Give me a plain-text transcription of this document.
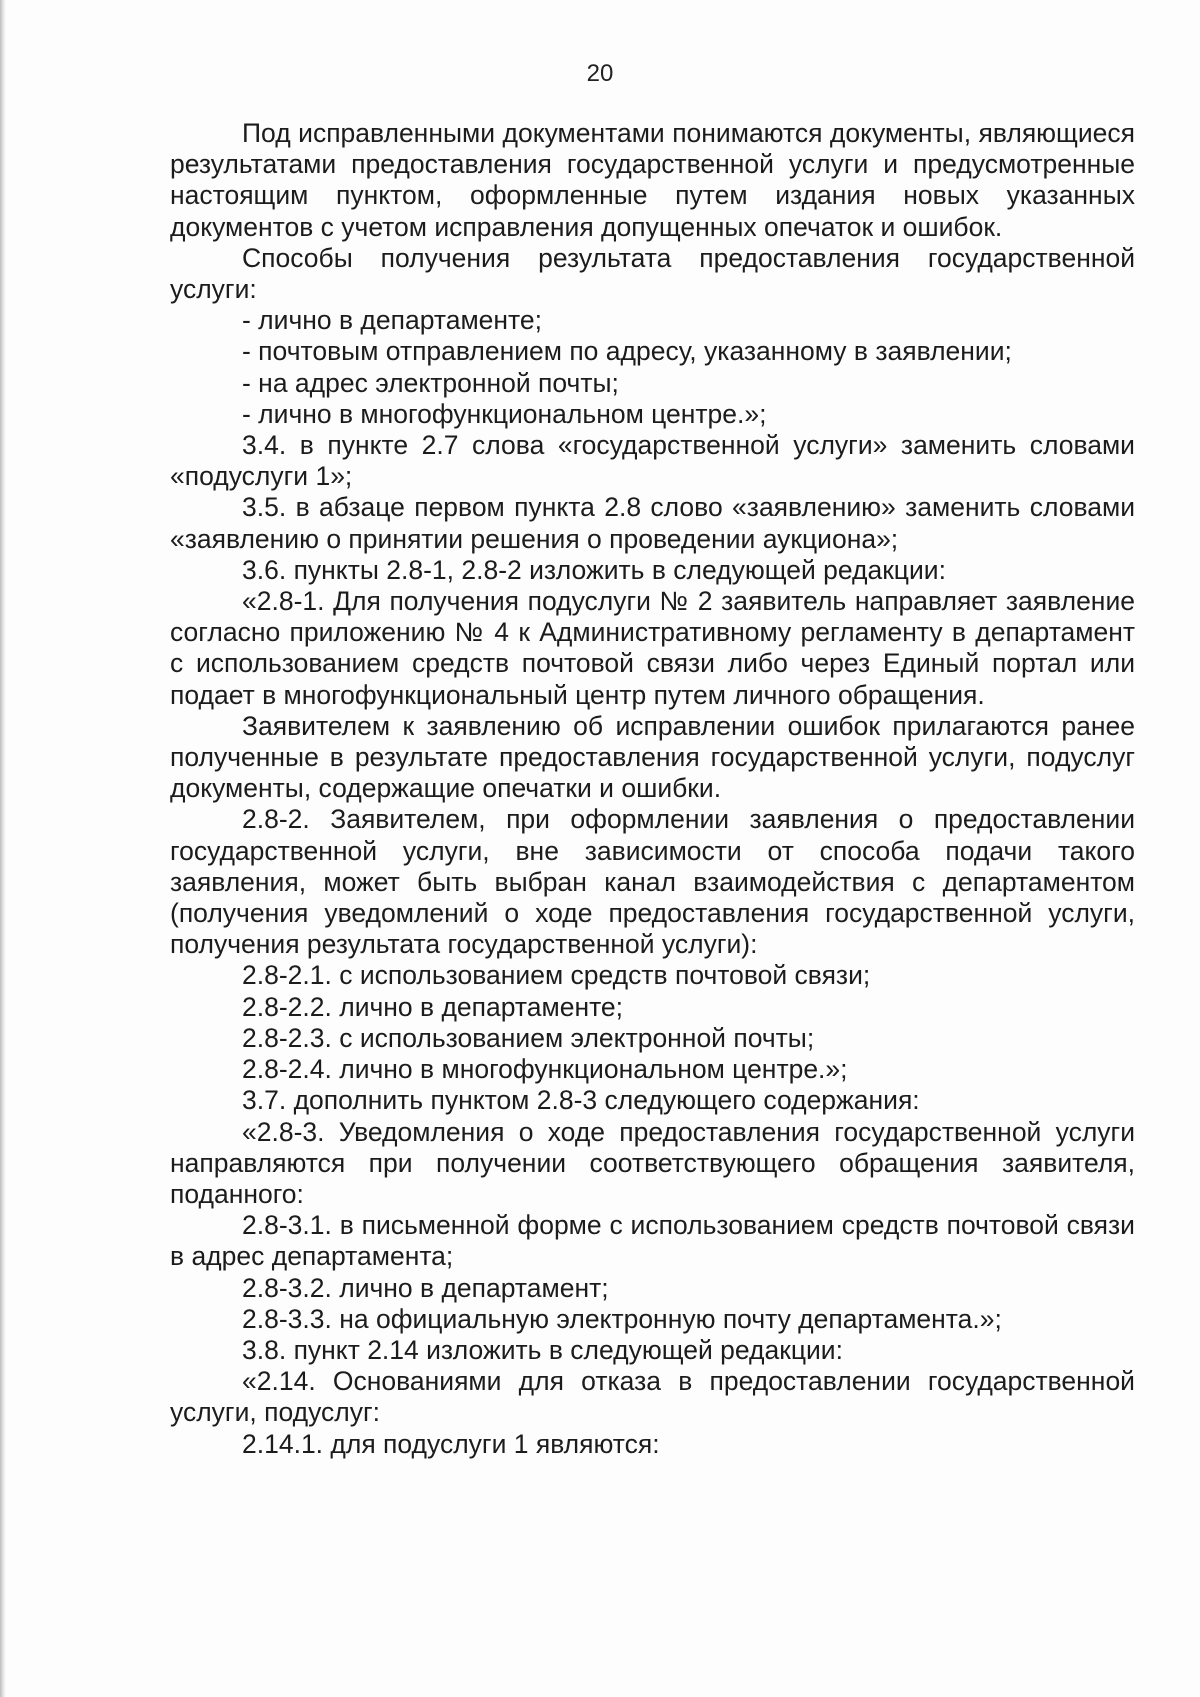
20

Под исправленными документами понимаются документы, являющиеся результатами предоставления государственной услуги и предусмотренные настоящим пунктом, оформленные путем издания новых указанных документов с учетом исправления допущенных опечаток и ошибок.

Способы получения результата предоставления государственной услуги:

- лично в департаменте;

- почтовым отправлением по адресу, указанному в заявлении;

- на адрес электронной почты;

- лично в многофункциональном центре.»;

3.4. в пункте 2.7 слова «государственной услуги» заменить словами «подуслуги 1»;

3.5. в абзаце первом пункта 2.8 слово «заявлению» заменить словами «заявлению о принятии решения о проведении аукциона»;

3.6. пункты 2.8-1, 2.8-2 изложить в следующей редакции:

«2.8-1. Для получения подуслуги № 2 заявитель направляет заявление согласно приложению № 4 к Административному регламенту в департамент с использованием средств почтовой связи либо через Единый портал или подает в многофункциональный центр путем личного обращения.

Заявителем к заявлению об исправлении ошибок прилагаются ранее полученные в результате предоставления государственной услуги, подуслуг документы, содержащие опечатки и ошибки.

2.8-2. Заявителем, при оформлении заявления о предоставлении государственной услуги, вне зависимости от способа подачи такого заявления, может быть выбран канал взаимодействия с департаментом (получения уведомлений о ходе предоставления государственной услуги, получения результата государственной услуги):

2.8-2.1. с использованием средств почтовой связи;

2.8-2.2. лично в департаменте;

2.8-2.3. с использованием электронной почты;

2.8-2.4. лично в многофункциональном центре.»;

3.7. дополнить пунктом 2.8-3 следующего содержания:

«2.8-3. Уведомления о ходе предоставления государственной услуги направляются при получении соответствующего обращения заявителя, поданного:

2.8-3.1. в письменной форме с использованием средств почтовой связи в адрес департамента;

2.8-3.2. лично в департамент;

2.8-3.3. на официальную электронную почту департамента.»;

3.8. пункт 2.14 изложить в следующей редакции:

«2.14. Основаниями для отказа в предоставлении государственной услуги, подуслуг:

2.14.1. для подуслуги 1 являются:
